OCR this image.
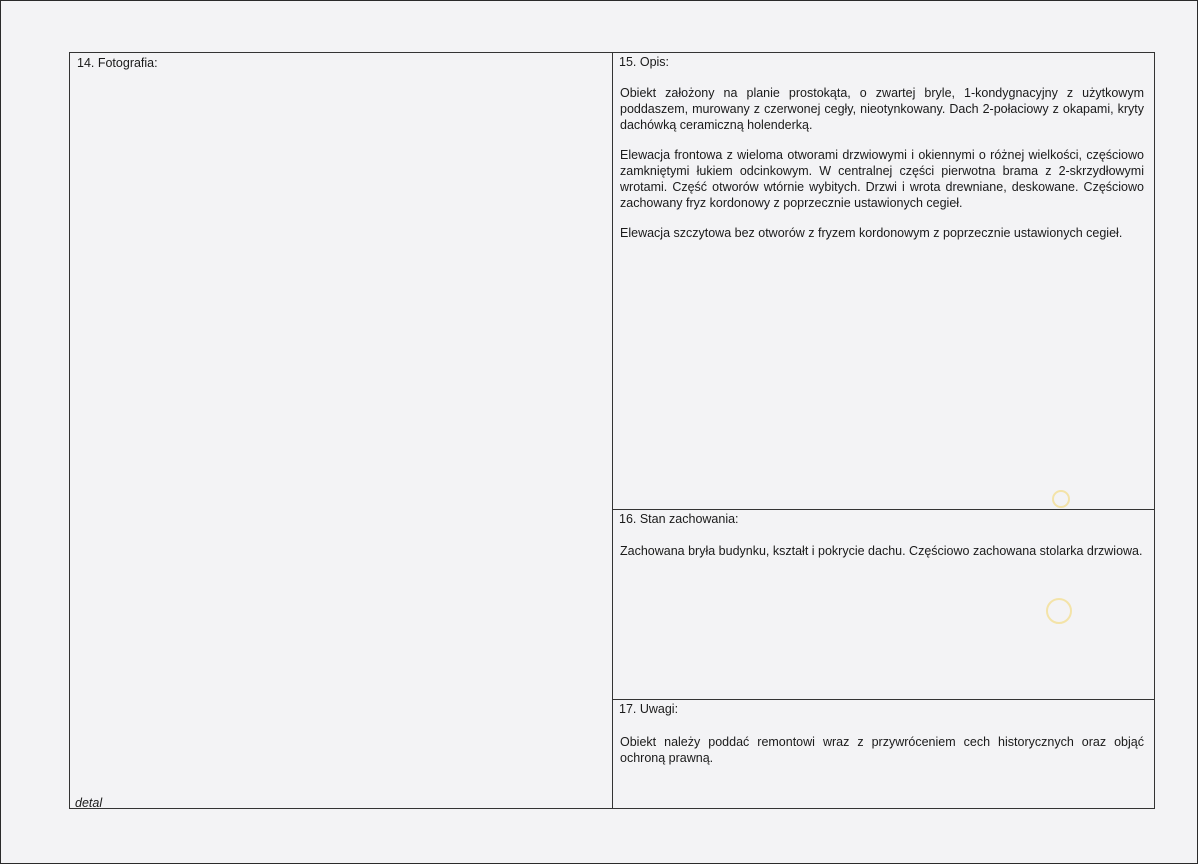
14. Fotografia:
detal
15. Opis:

Obiekt założony na planie prostokąta, o zwartej bryle, 1-kondygnacyjny z użytkowym poddaszem, murowany z czerwonej cegły, nieotynkowany. Dach 2-połaciowy z okapami, kryty dachówką ceramiczną holenderką.

Elewacja frontowa z wieloma otworami drzwiowymi i okiennymi o różnej wielkości, częściowo zamkniętymi łukiem odcinkowym. W centralnej części pierwotna brama z 2-skrzydłowymi wrotami. Część otworów wtórnie wybitych. Drzwi i wrota drewniane, deskowane. Częściowo zachowany fryz kordonowy z poprzecznie ustawionych cegieł.

Elewacja szczytowa bez otworów z fryzem kordonowym z poprzecznie ustawionych cegieł.

16. Stan zachowania:
Zachowana bryła budynku, kształt i pokrycie dachu. Częściowo zachowana stolarka drzwiowa.
17. Uwagi:
Obiekt należy poddać remontowi wraz z przywróceniem cech historycznych oraz objąć ochroną prawną.
